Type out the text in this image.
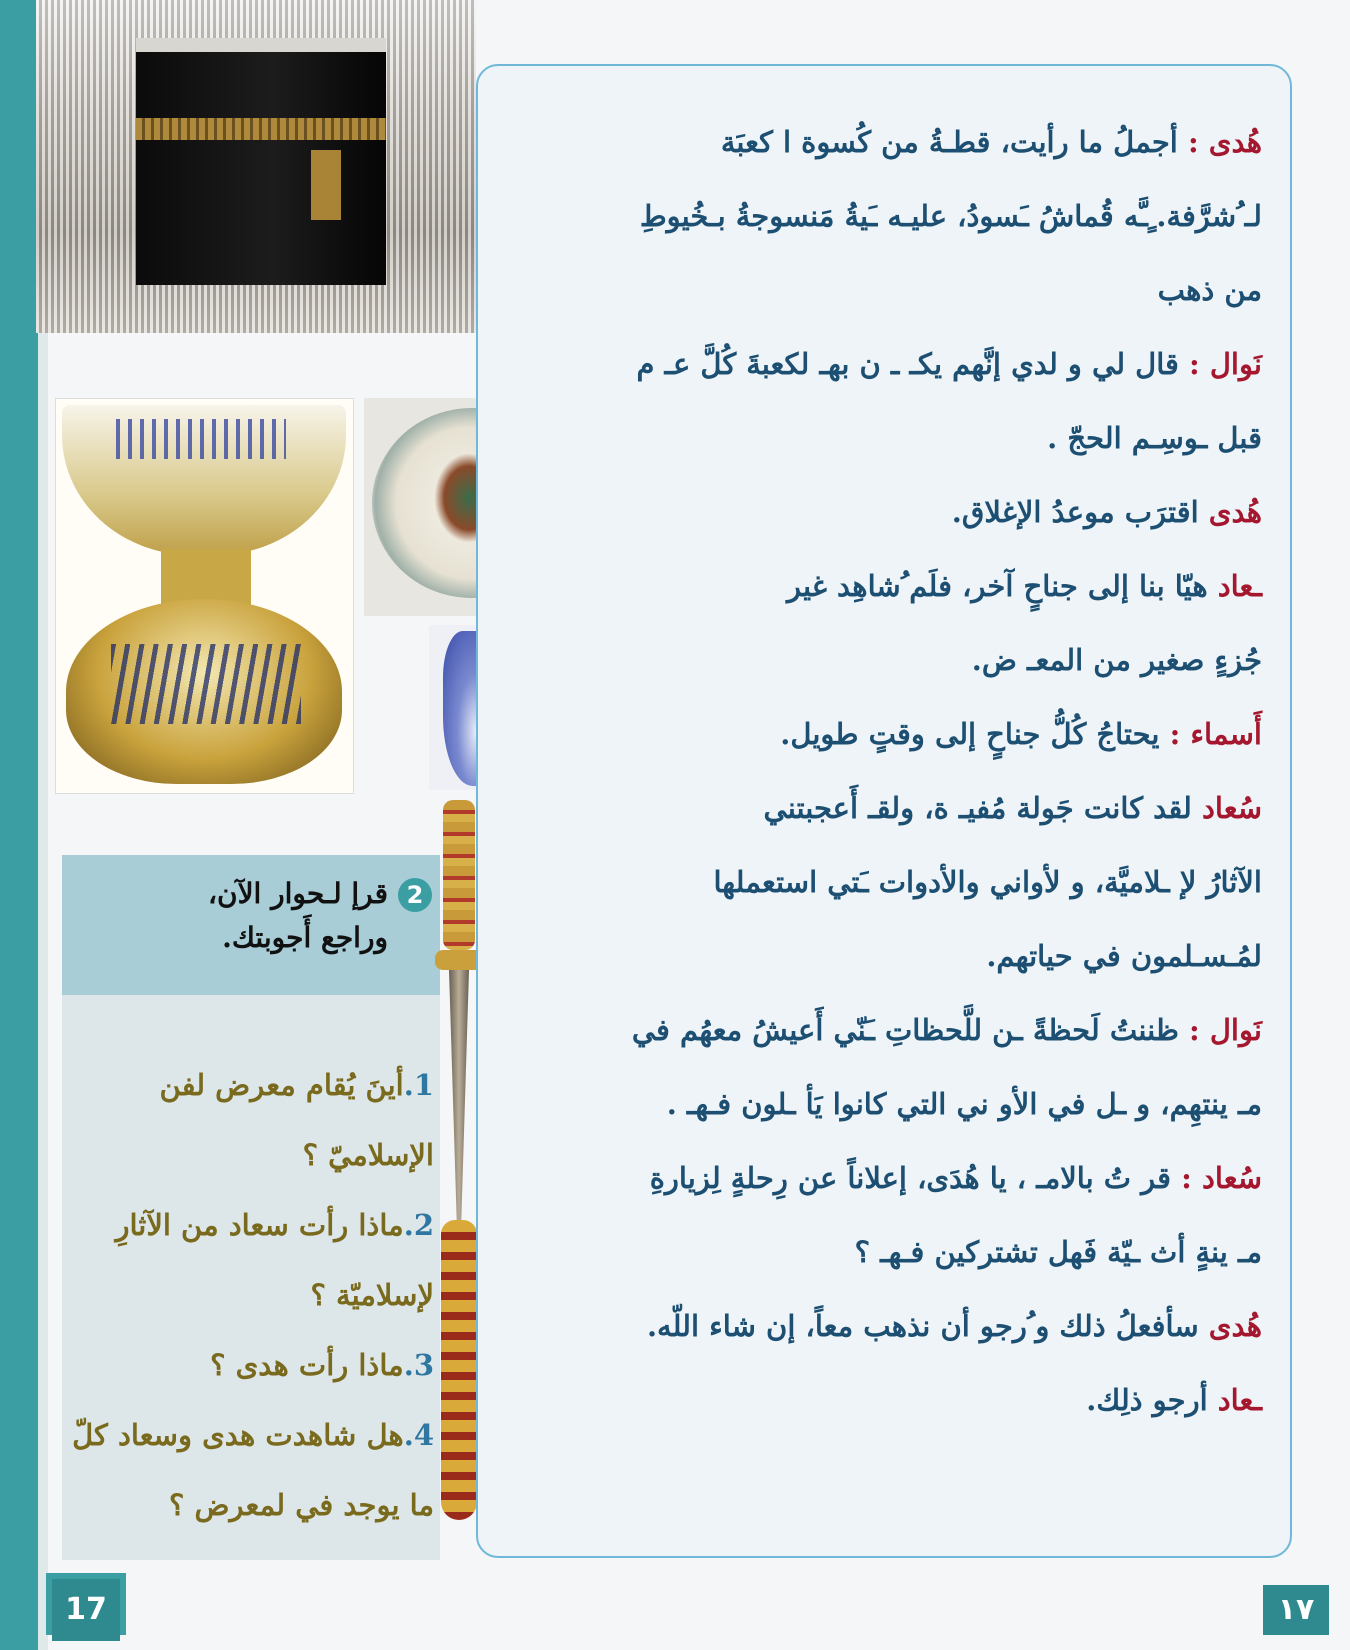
2
قرإ لـحوار الآن،
وراجع أَجوبتك.
1.أينَ يُقام معرض لفن الإسلاميّ ؟
2.ماذا رأت سعاد من الآثارِ لإسلاميّة ؟
3.ماذا رأت هدى ؟
4.هل شاهدت هدى وسعاد كلّ ما يوجد في لمعرض ؟
هُدى : أجملُ ما رأيت، قطـةُ من كُسوة ا كعبَة
لـ ُشرَّفة. ٍـَّه قُماشُ ـَسودُ، عليـه ـَيةُ مَنسوجةُ بـخُيوطِ
من ذهب
نَوال : قال لي و لدي إنَّهم يكـ ـ ن بهـ لكعبةَ كُلَّ عـ م
قبل ـوسِـم الحجّ .
هُدى اقترَب موعدُ الإغلاق.
ـعاد هيّا بنا إلى جناحٍ آخر، فلَم ُشاهِد غير
جُزءٍ صغير من المعـ ض.
أَسماء : يحتاجُ كُلُّ جناحٍ إلى وقتٍ طويل.
سُعاد لقد كانت جَولة مُفيـ ة، ولقـ أَعجبتني
الآثارُ لإ ـلاميَّة، و لأواني والأدوات ـَتي استعملها
لمُـسـلمون في حياتهم.
نَوال : ظننتُ لَحظةً ـن للَّحظاتِ ـَنّي أَعيشُ معهُم في
مـ ينتهِم، و ـل في الأو ني التي كانوا يَأ ـلون فـهـ .
سُعاد : قر تُ بالامـ ، يا هُدَى، إعلاناً عن رِحلةٍ لِزيارةِ
مـ ينةٍ أث ـيّة فَهل تشتركين فـهـ ؟
هُدى سأفعلُ ذلك و ُرجو أن نذهب معاً، إن شاء اللّه.
ـعاد أرجو ذلِك.
17	١٧
